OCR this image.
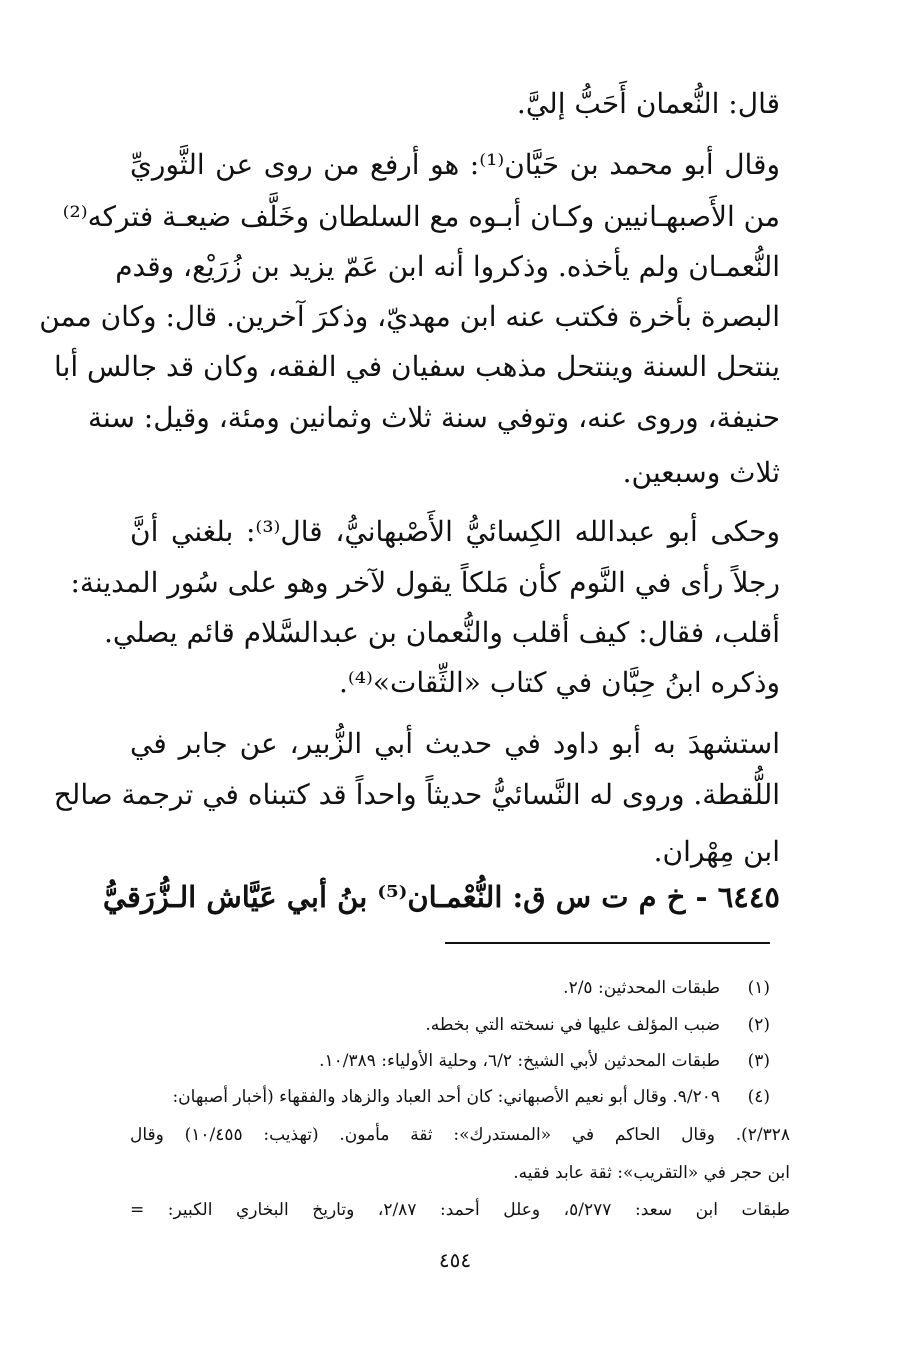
قال: النُّعمان أَحَبُّ إليَّ.
وقال أبو محمد بن حَيَّان⁽¹⁾: هو أرفع من روى عن الثَّوريِّ
من الأَصبهـانيين وكـان أبـوه مع السلطان وخَلَّف ضيعـة فتركه⁽²⁾
النُّعمـان ولم يأخذه. وذكروا أنه ابن عَمّ يزيد بن زُرَيْع، وقدم
البصرة بأخرة فكتب عنه ابن مهديّ، وذكرَ آخرين. قال: وكان ممن
ينتحل السنة وينتحل مذهب سفيان في الفقه، وكان قد جالس أبا
حنيفة، وروى عنه، وتوفي سنة ثلاث وثمانين ومئة، وقيل: سنة
ثلاث وسبعين.
وحكى أبو عبدالله الكِسائيُّ الأَصْبهانيُّ، قال⁽³⁾: بلغني أنَّ
رجلاً رأى في النَّوم كأن مَلكاً يقول لآخر وهو على سُور المدينة:
أقلب، فقال: كيف أقلب والنُّعمان بن عبدالسَّلام قائم يصلي.
وذكره ابنُ حِبَّان في كتاب «الثِّقات»⁽⁴⁾.
استشهدَ به أبو داود في حديث أبي الزُّبير، عن جابر في
اللُّقطة. وروى له النَّسائيُّ حديثاً واحداً قد كتبناه في ترجمة صالح
ابن مِهْران.
٦٤٤٥ - خ م ت س ق: النُّعْمـان⁽⁵⁾ بنُ أبي عَيَّاش الـزُّرَقيُّ
(١)
طبقات المحدثين: ٢/٥.
(٢)
ضبب المؤلف عليها في نسخته التي بخطه.
(٣)
طبقات المحدثين لأبي الشيخ: ٦/٢، وحلية الأولياء: ١٠/٣٨٩.
(٤)
٩/٢٠٩. وقال أبو نعيم الأصبهاني: كان أحد العباد والزهاد والفقهاء (أخبار أصبهان:
٢/٣٢٨). وقال الحاكم في «المستدرك»: ثقة مأمون. (تهذيب: ١٠/٤٥٥) وقال
ابن حجر في «التقريب»: ثقة عابد فقيه.
طبقات ابن سعد: ٥/٢٧٧، وعلل أحمد: ٢/٨٧، وتاريخ البخاري الكبير: =
٤٥٤
